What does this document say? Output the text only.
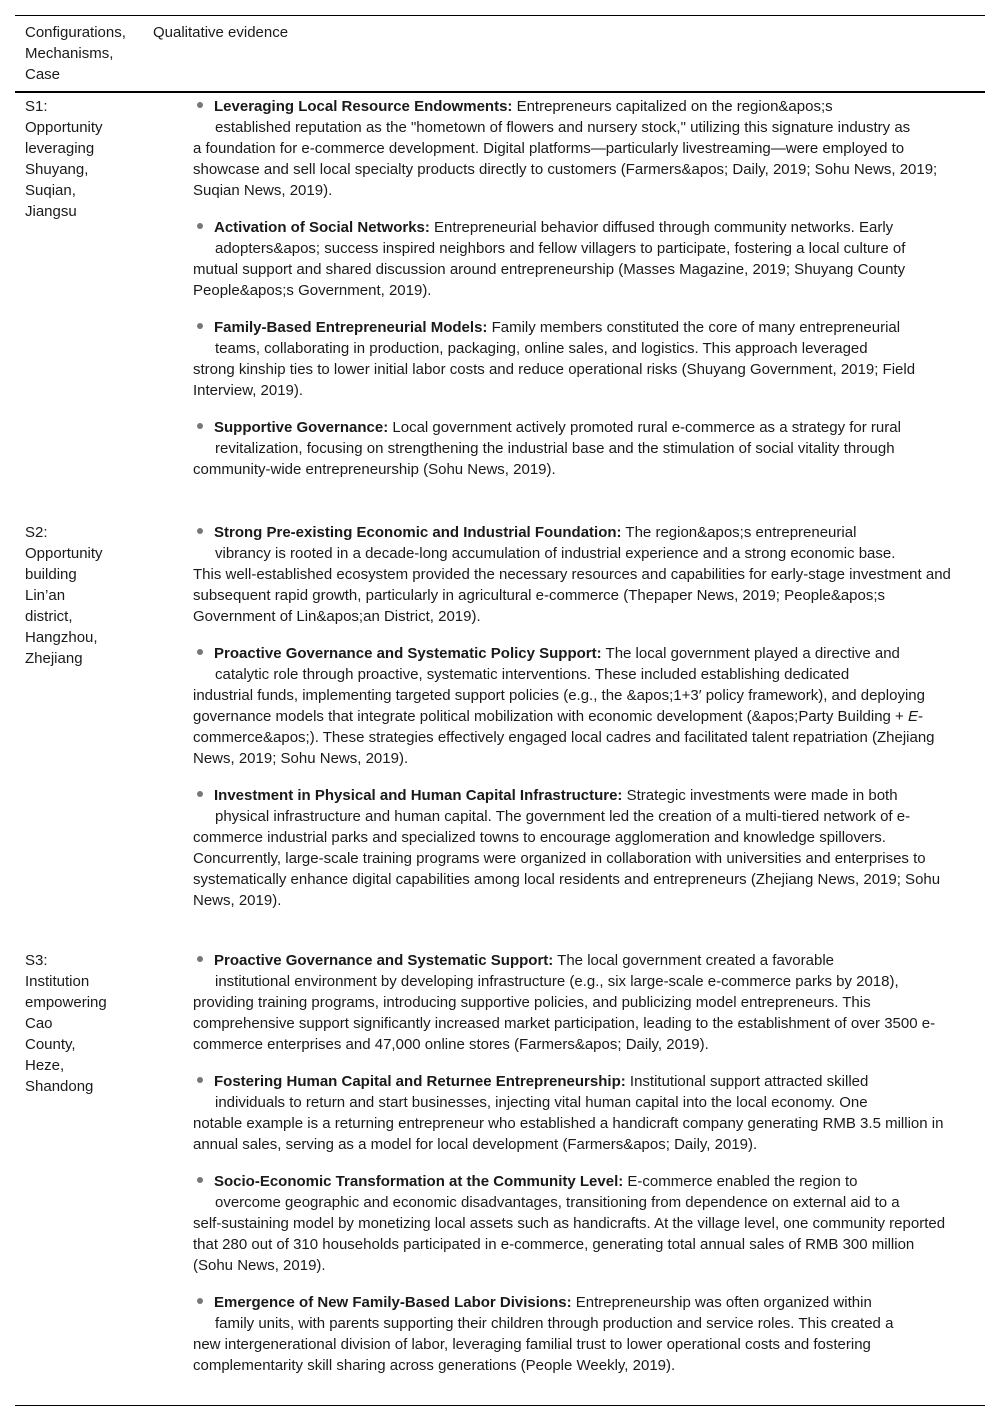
Configurations,
Mechanisms,
Case
Qualitative evidence
S1:
Opportunity
leveraging
Shuyang,
Suqian,
Jiangsu
Leveraging Local Resource Endowments: Entrepreneurs capitalized on the region&apos;s
established reputation as the "hometown of flowers and nursery stock," utilizing this signature industry as
a foundation for e-commerce development. Digital platforms—particularly livestreaming—were employed to showcase and sell local specialty products directly to customers (Farmers&apos; Daily, 2019; Sohu News, 2019; Suqian News, 2019).
Activation of Social Networks: Entrepreneurial behavior diffused through community networks. Early
adopters&apos; success inspired neighbors and fellow villagers to participate, fostering a local culture of
mutual support and shared discussion around entrepreneurship (Masses Magazine, 2019; Shuyang County People&apos;s Government, 2019).
Family-Based Entrepreneurial Models: Family members constituted the core of many entrepreneurial
teams, collaborating in production, packaging, online sales, and logistics. This approach leveraged
strong kinship ties to lower initial labor costs and reduce operational risks (Shuyang Government, 2019; Field Interview, 2019).
Supportive Governance: Local government actively promoted rural e-commerce as a strategy for rural
revitalization, focusing on strengthening the industrial base and the stimulation of social vitality through
community-wide entrepreneurship (Sohu News, 2019).
S2:
Opportunity
building
Lin’an
district,
Hangzhou,
Zhejiang
Strong Pre-existing Economic and Industrial Foundation: The region&apos;s entrepreneurial
vibrancy is rooted in a decade-long accumulation of industrial experience and a strong economic base.
This well-established ecosystem provided the necessary resources and capabilities for early-stage investment and subsequent rapid growth, particularly in agricultural e-commerce (Thepaper News, 2019; People&apos;s Government of Lin&apos;an District, 2019).
Proactive Governance and Systematic Policy Support: The local government played a directive and
catalytic role through proactive, systematic interventions. These included establishing dedicated
industrial funds, implementing targeted support policies (e.g., the &apos;1+3′ policy framework), and deploying governance models that integrate political mobilization with economic development (&apos;Party Building + E-commerce&apos;). These strategies effectively engaged local cadres and facilitated talent repatriation (Zhejiang News, 2019; Sohu News, 2019).
Investment in Physical and Human Capital Infrastructure: Strategic investments were made in both
physical infrastructure and human capital. The government led the creation of a multi-tiered network of e-
commerce industrial parks and specialized towns to encourage agglomeration and knowledge spillovers. Concurrently, large-scale training programs were organized in collaboration with universities and enterprises to systematically enhance digital capabilities among local residents and entrepreneurs (Zhejiang News, 2019; Sohu News, 2019).
S3:
Institution
empowering
Cao
County,
Heze,
Shandong
Proactive Governance and Systematic Support: The local government created a favorable
institutional environment by developing infrastructure (e.g., six large-scale e-commerce parks by 2018),
providing training programs, introducing supportive policies, and publicizing model entrepreneurs. This comprehensive support significantly increased market participation, leading to the establishment of over 3500 e-commerce enterprises and 47,000 online stores (Farmers&apos; Daily, 2019).
Fostering Human Capital and Returnee Entrepreneurship: Institutional support attracted skilled
individuals to return and start businesses, injecting vital human capital into the local economy. One
notable example is a returning entrepreneur who established a handicraft company generating RMB 3.5 million in annual sales, serving as a model for local development (Farmers&apos; Daily, 2019).
Socio-Economic Transformation at the Community Level: E-commerce enabled the region to
overcome geographic and economic disadvantages, transitioning from dependence on external aid to a
self-sustaining model by monetizing local assets such as handicrafts. At the village level, one community reported that 280 out of 310 households participated in e-commerce, generating total annual sales of RMB 300 million (Sohu News, 2019).
Emergence of New Family-Based Labor Divisions: Entrepreneurship was often organized within
family units, with parents supporting their children through production and service roles. This created a
new intergenerational division of labor, leveraging familial trust to lower operational costs and fostering complementarity skill sharing across generations (People Weekly, 2019).
